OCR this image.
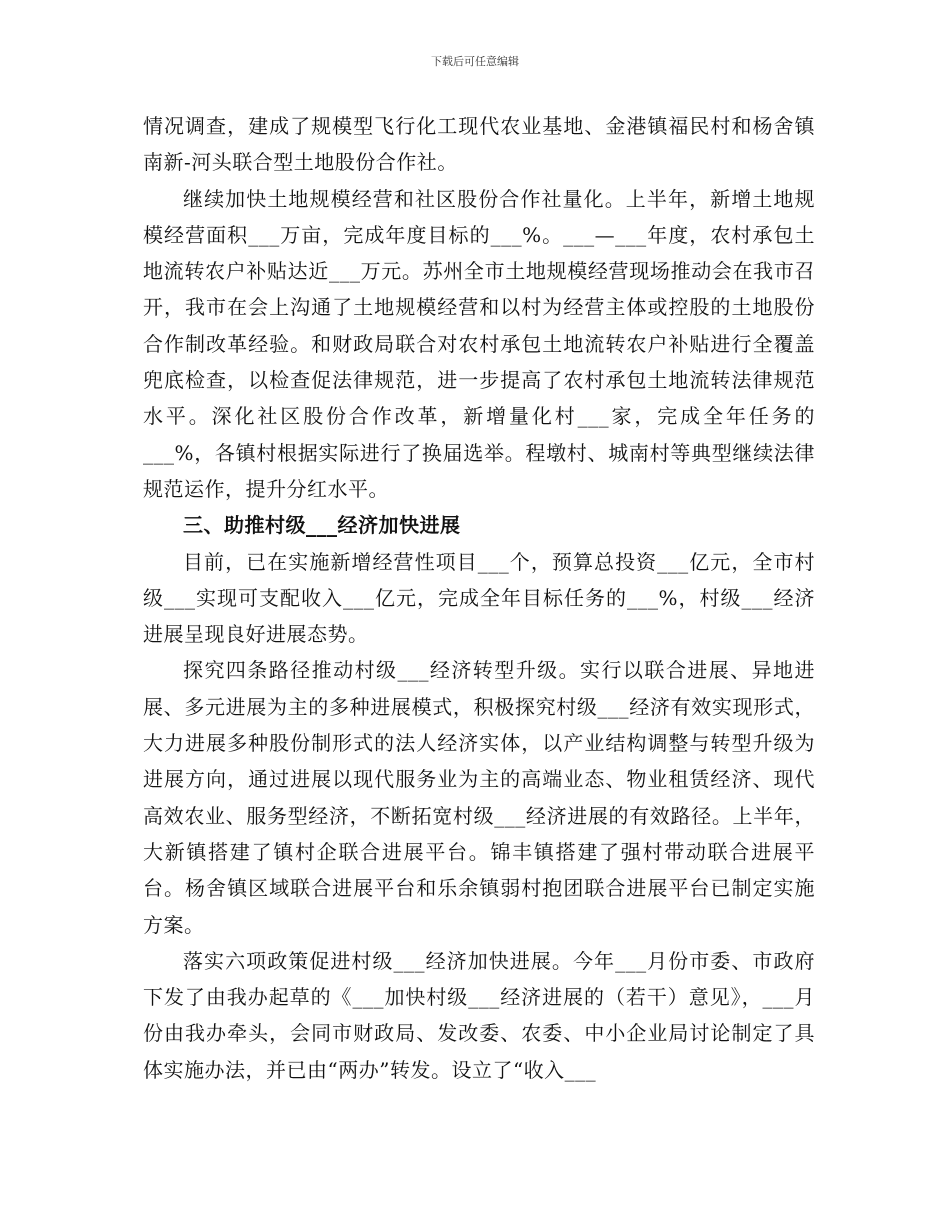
下载后可任意编辑

情况调查，建成了规模型飞行化工现代农业基地、金港镇福民村和杨舍镇南新-河头联合型土地股份合作社。

继续加快土地规模经营和社区股份合作社量化。上半年，新增土地规模经营面积___万亩，完成年度目标的___%。___—___年度，农村承包土地流转农户补贴达近___万元。苏州全市土地规模经营现场推动会在我市召开，我市在会上沟通了土地规模经营和以村为经营主体或控股的土地股份合作制改革经验。和财政局联合对农村承包土地流转农户补贴进行全覆盖兜底检查，以检查促法律规范，进一步提高了农村承包土地流转法律规范水平。深化社区股份合作改革，新增量化村___家，完成全年任务的___%，各镇村根据实际进行了换届选举。程墩村、城南村等典型继续法律规范运作，提升分红水平。

三、助推村级___经济加快进展

目前，已在实施新增经营性项目___个，预算总投资___亿元，全市村级___实现可支配收入___亿元，完成全年目标任务的___%，村级___经济进展呈现良好进展态势。

探究四条路径推动村级___经济转型升级。实行以联合进展、异地进展、多元进展为主的多种进展模式，积极探究村级___经济有效实现形式，大力进展多种股份制形式的法人经济实体，以产业结构调整与转型升级为进展方向，通过进展以现代服务业为主的高端业态、物业租赁经济、现代高效农业、服务型经济，不断拓宽村级___经济进展的有效路径。上半年，大新镇搭建了镇村企联合进展平台。锦丰镇搭建了强村带动联合进展平台。杨舍镇区域联合进展平台和乐余镇弱村抱团联合进展平台已制定实施方案。

落实六项政策促进村级___经济加快进展。今年___月份市委、市政府下发了由我办起草的《___加快村级___经济进展的（若干）意见》，___月份由我办牵头，会同市财政局、发改委、农委、中小企业局讨论制定了具体实施办法，并已由“两办”转发。设立了“收入___
